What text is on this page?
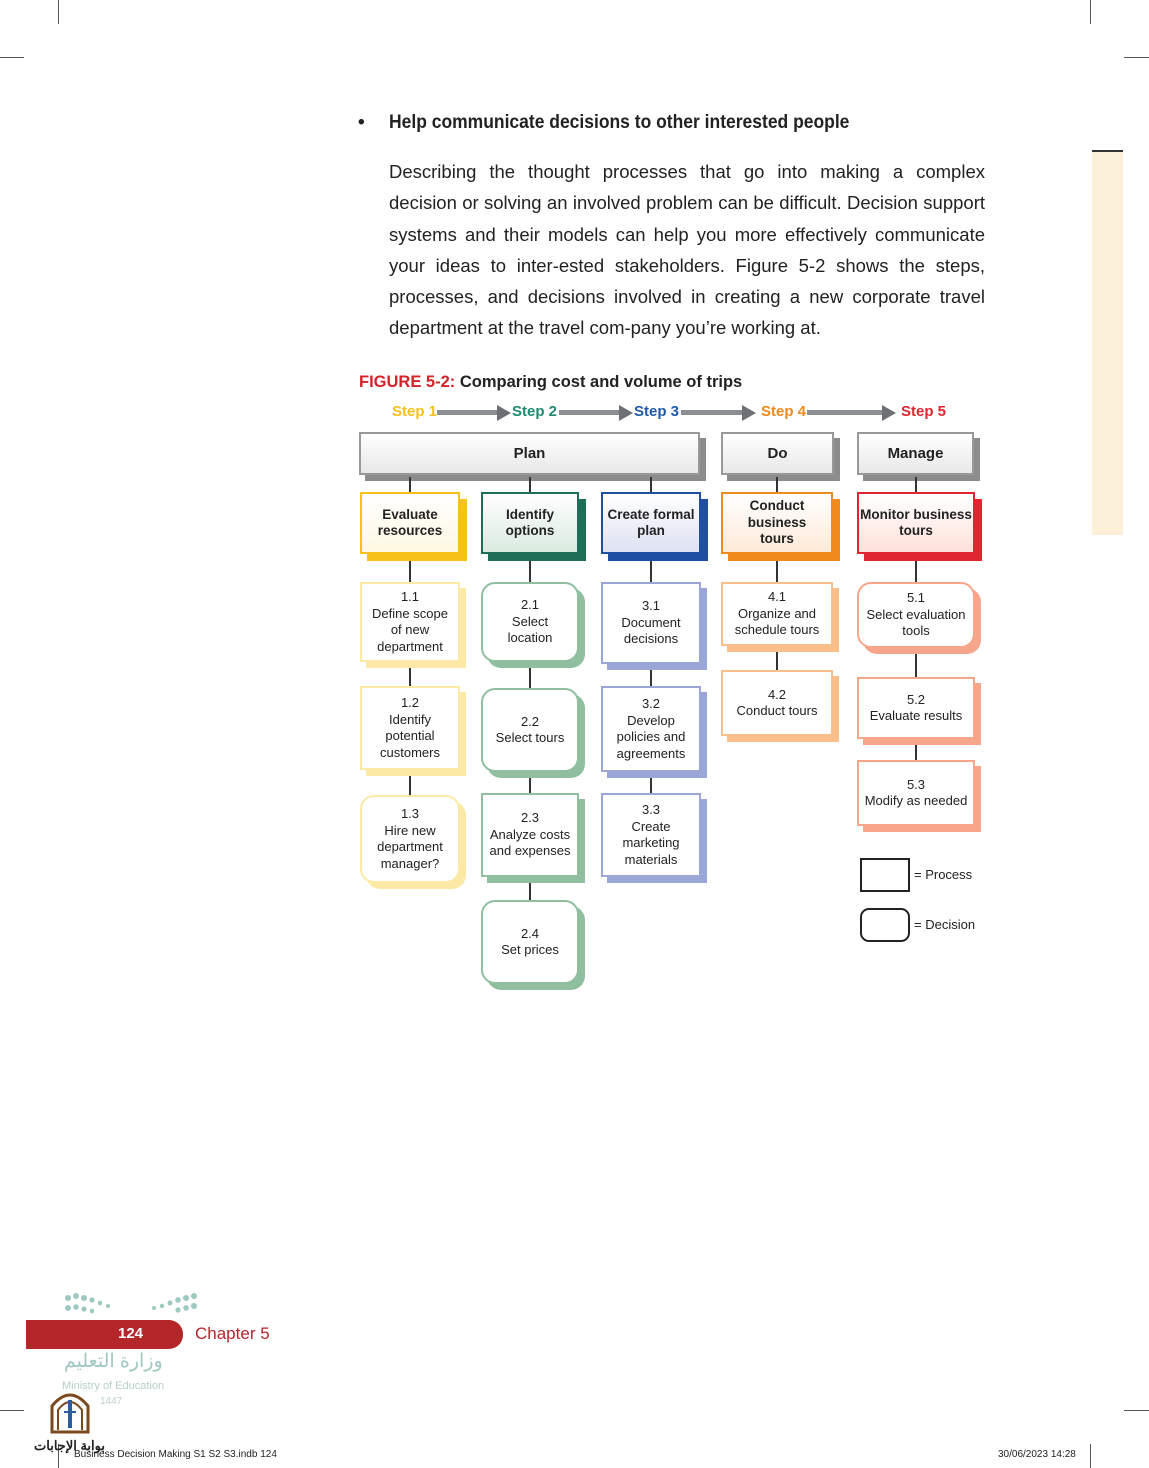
• Help communicate decisions to other interested people
Describing the thought processes that go into making a complex decision or solving an involved problem can be difficult. Decision support systems and their models can help you more effectively communicate your ideas to inter-ested stakeholders. Figure 5-2 shows the steps, processes, and decisions involved in creating a new corporate travel department at the travel com-pany you’re working at.
FIGURE 5-2: Comparing cost and volume of trips
Step 1	Step 2	Step 3	Step 4	Step 5
Plan	Do	Manage
Evaluate
resources
1.1
Define scope
of new
department
1.2
Identify
potential
customers
1.3
Hire new
department
manager?
Identify
options
2.1
Select
location
2.2
Select tours
2.3
Analyze costs
and expenses
2.4
Set prices
Create formal
plan
3.1
Document
decisions
3.2
Develop
policies and
agreements
3.3
Create
marketing
materials
Conduct business
tours
4.1
Organize and
schedule tours
4.2
Conduct tours
Monitor business
tours
5.1
Select evaluation
tools
5.2
Evaluate results
5.3
Modify as needed
= Process
= Decision
124	Chapter 5
وزارة التعليم
Ministry of Education
1447
بوابة الإجابات
Business Decision Making S1 S2 S3.indb 124	30/06/2023 14:28
